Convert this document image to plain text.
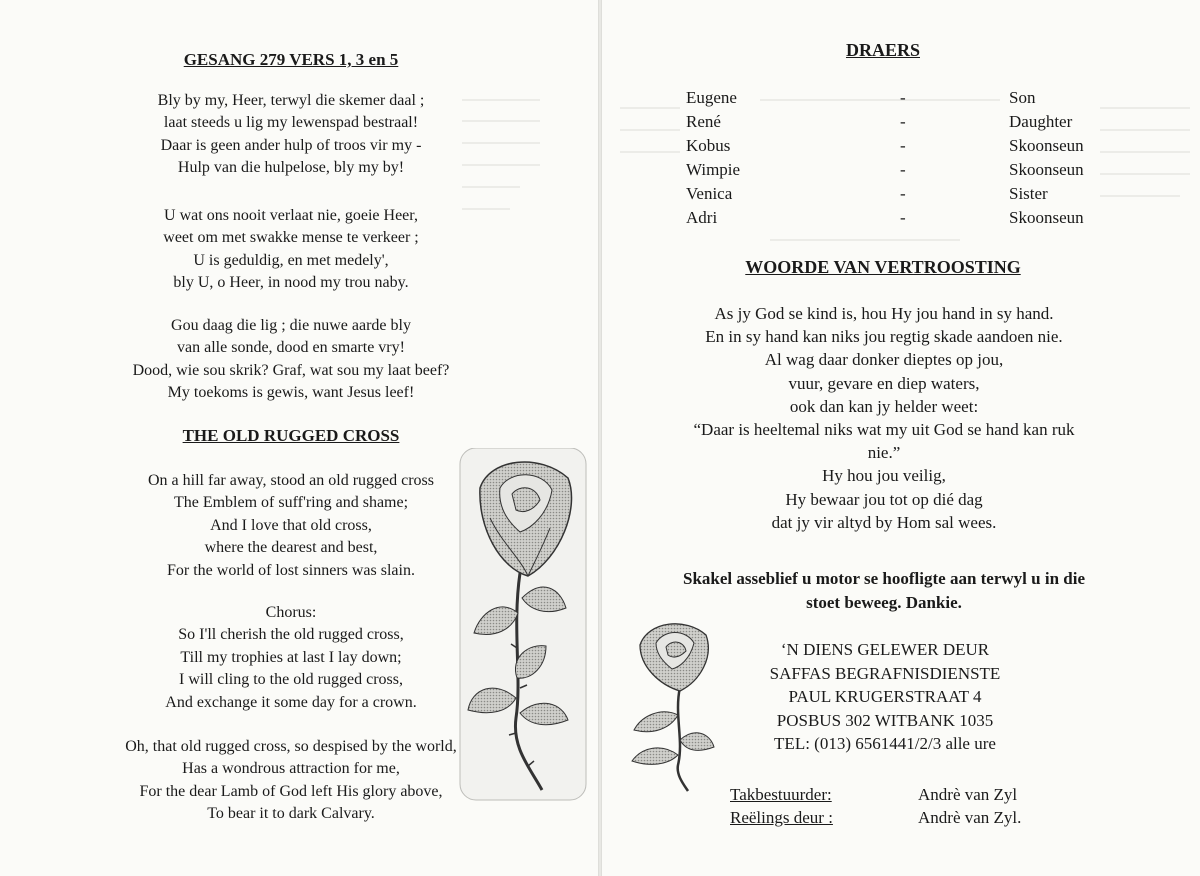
GESANG 279 VERS 1, 3 en 5
Bly by my, Heer, terwyl die skemer daal ;
laat steeds u lig my lewenspad bestraal!
Daar is geen ander hulp of troos vir my -
Hulp van die hulpelose, bly my by!
U wat ons nooit verlaat nie, goeie Heer,
weet om met swakke mense te verkeer ;
U is geduldig, en met medely',
bly U, o Heer, in nood my trou naby.
Gou daag die lig ; die nuwe aarde bly
van alle sonde, dood en smarte vry!
Dood, wie sou skrik? Graf, wat sou my laat beef?
My toekoms is gewis, want Jesus leef!
THE OLD RUGGED CROSS
On a hill far away, stood an old rugged cross
The Emblem of suff'ring and shame;
And I love that old cross,
where the dearest and best,
For the world of lost sinners was slain.
Chorus:
So I'll cherish the old rugged cross,
Till my trophies at last I lay down;
I will cling to the old rugged cross,
And exchange it some day for a crown.
Oh, that old rugged cross, so despised by the world,
Has a wondrous attraction for me,
For the dear Lamb of God left His glory above,
To bear it to dark Calvary.
DRAERS
Eugene	-	Son
René	-	Daughter
Kobus	-	Skoonseun
Wimpie	-	Skoonseun
Venica	-	Sister
Adri	-	Skoonseun
WOORDE VAN VERTROOSTING
As jy God se kind is, hou Hy jou hand in sy hand.
En in sy hand kan niks jou regtig skade aandoen nie.
Al wag daar donker dieptes op jou,
vuur, gevare en diep waters,
ook dan kan jy helder weet:
“Daar is heeltemal niks wat my uit God se hand kan ruk
nie.”
Hy hou jou veilig,
Hy bewaar jou tot op dié dag
dat jy vir altyd by Hom sal wees.
Skakel asseblief u motor se hoofligte aan terwyl u in die
stoet beweeg. Dankie.
‘N DIENS GELEWER DEUR
SAFFAS BEGRAFNISDIENSTE
PAUL KRUGERSTRAAT 4
POSBUS 302 WITBANK 1035
TEL: (013) 6561441/2/3 alle ure
Takbestuurder:	Andrè van Zyl
Reëlings deur :	Andrè van Zyl.
